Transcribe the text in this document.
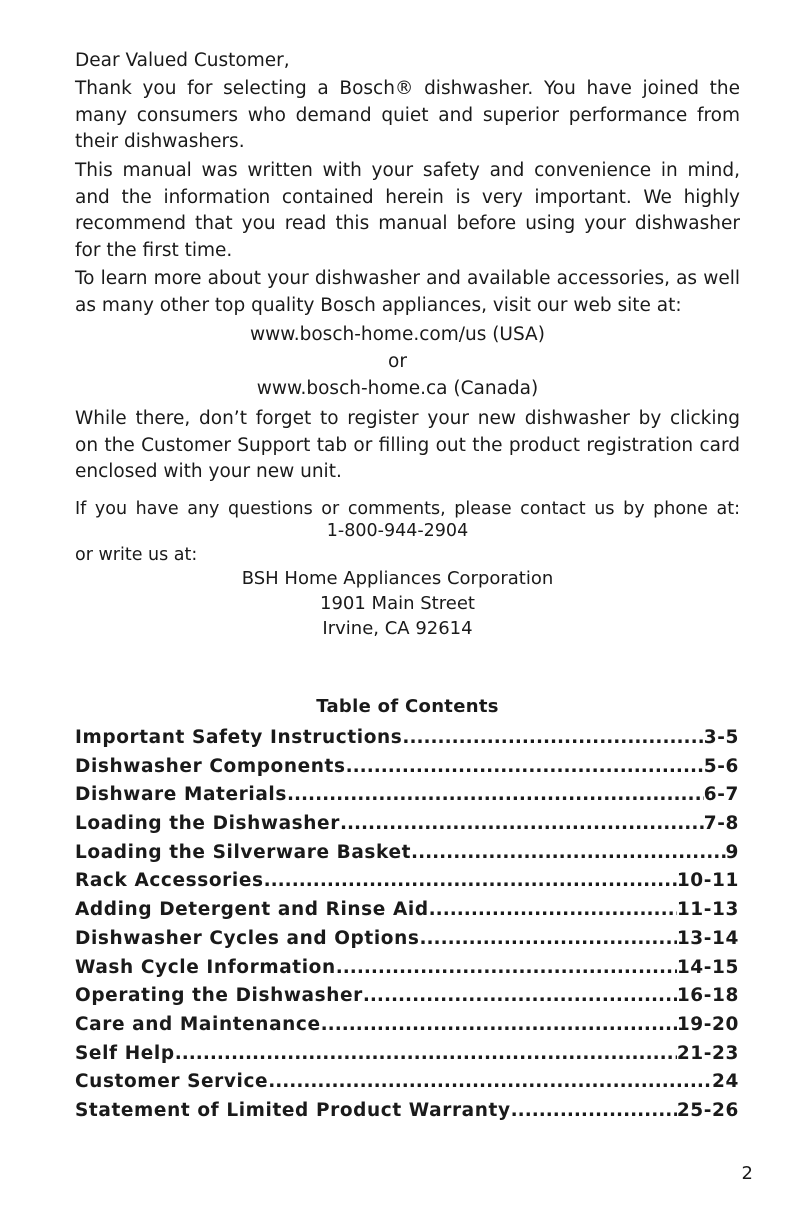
Dear Valued Customer,

Thank you for selecting a Bosch® dishwasher. You have joined the many consumers who demand quiet and superior performance from their dishwashers.

This manual was written with your safety and convenience in mind, and the information contained herein is very important. We highly recommend that you read this manual before using your dishwasher for the first time.

To learn more about your dishwasher and available accessories, as well as many other top quality Bosch appliances, visit our web site at:

www.bosch-home.com/us (USA)
or
www.bosch-home.ca (Canada)

While there, don’t forget to register your new dishwasher by clicking on the Customer Support tab or filling out the product registration card enclosed with your new unit.

If you have any questions or comments, please contact us by phone at:
1-800-944-2904
or write us at:
BSH Home Appliances Corporation
1901 Main Street
Irvine, CA 92614
Table of Contents
Important Safety Instructions .....	3-5
Dishwasher Components .....	5-6
Dishware Materials .....	6-7
Loading the Dishwasher .....	7-8
Loading the Silverware Basket .....	9
Rack Accessories .....	10-11
Adding Detergent and Rinse Aid .....	11-13
Dishwasher Cycles and Options .....	13-14
Wash Cycle Information .....	14-15
Operating the Dishwasher .....	16-18
Care and Maintenance .....	19-20
Self Help .....	21-23
Customer Service .....	24
Statement of Limited Product Warranty .....	25-26
2
